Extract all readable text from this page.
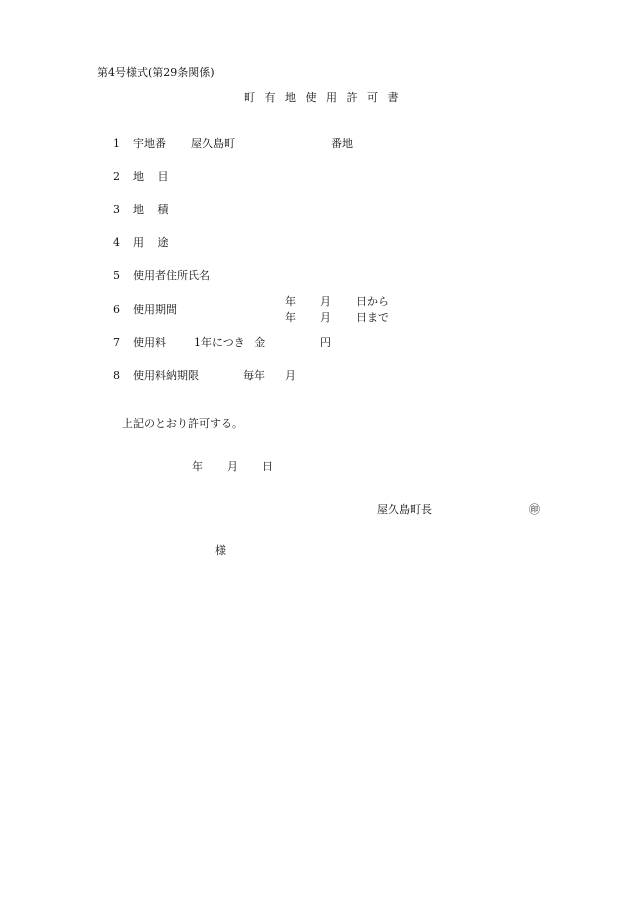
第4号様式(第29条関係)
町 有 地 使 用 許 可 書
1 宇地番 屋久島町	番地
2 地 目
3 地 積
4 用 途
5 使用者住所氏名
6 使用期間
年 月 日から
年 月 日まで
7 使用料	1年につき 金	円
8 使用料納期限	毎年 月
上記のとおり許可する。
年 月 日
屋久島町長	㊞
様
